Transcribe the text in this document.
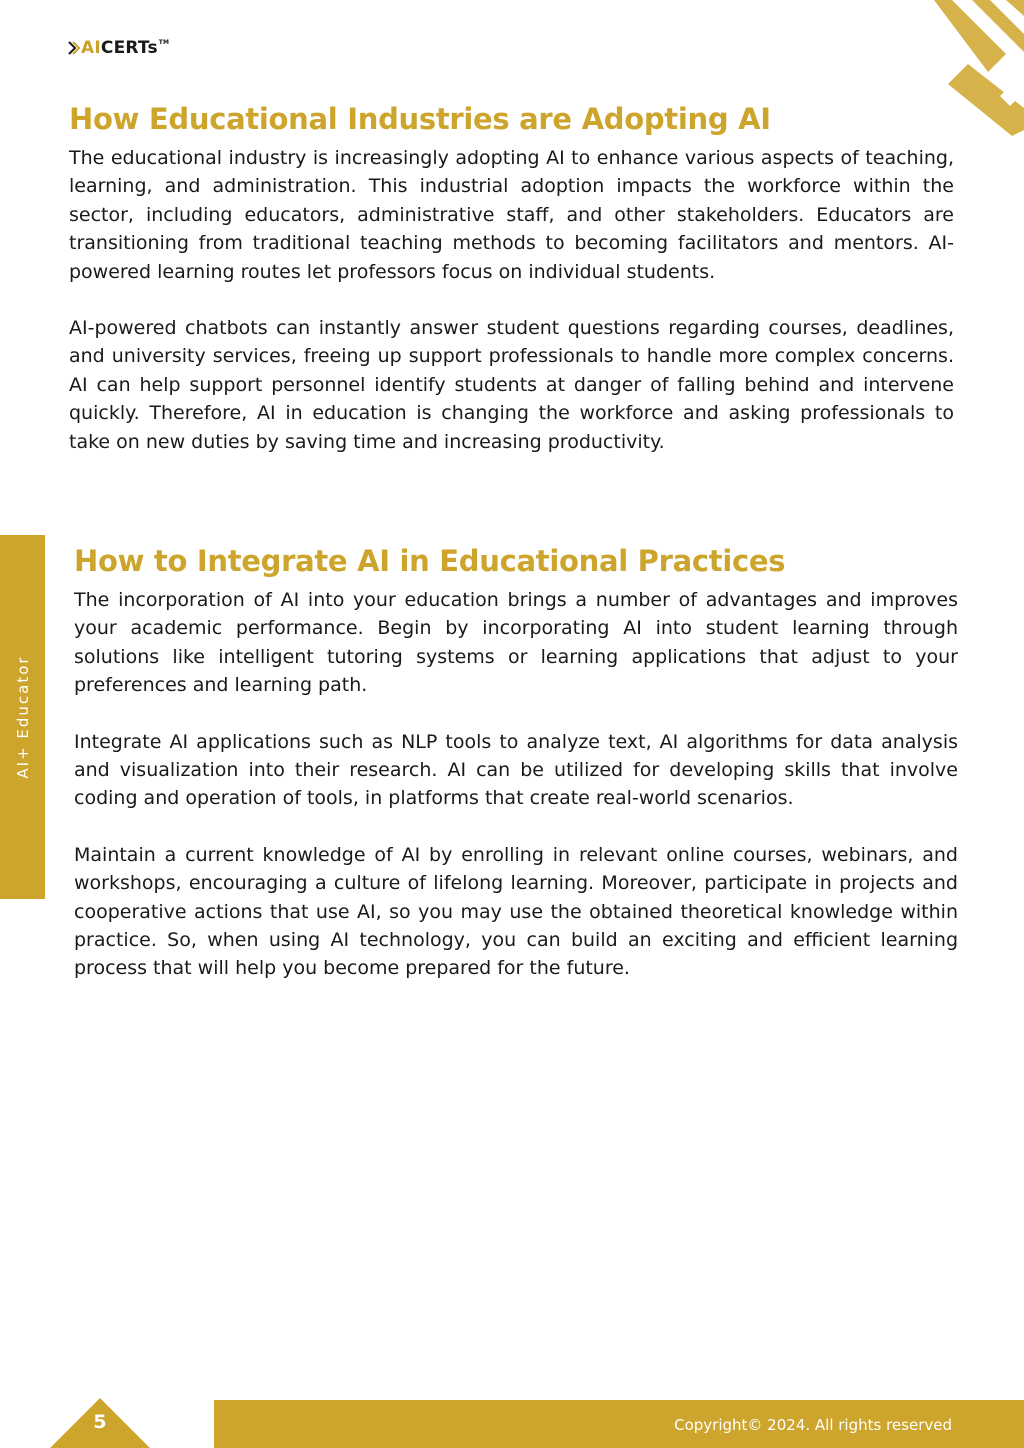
AI CERTs TM
How Educational Industries are Adopting AI

The educational industry is increasingly adopting AI to enhance various aspects of teaching, learning, and administration. This industrial adoption impacts the workforce within the sector, including educators, administrative staff, and other stakeholders. Educators are transitioning from traditional teaching methods to becoming facilitators and mentors. AI-powered learning routes let professors focus on individual students.

AI-powered chatbots can instantly answer student questions regarding courses, deadlines, and university services, freeing up support professionals to handle more complex concerns. AI can help support personnel identify students at danger of falling behind and intervene quickly. Therefore, AI in education is changing the workforce and asking professionals to take on new duties by saving time and increasing productivity.

AI+ Educator
How to Integrate AI in Educational Practices

The incorporation of AI into your education brings a number of advantages and improves your academic performance. Begin by incorporating AI into student learning through solutions like intelligent tutoring systems or learning applications that adjust to your preferences and learning path.

Integrate AI applications such as NLP tools to analyze text, AI algorithms for data analysis and visualization into their research. AI can be utilized for developing skills that involve coding and operation of tools, in platforms that create real-world scenarios.

Maintain a current knowledge of AI by enrolling in relevant online courses, webinars, and workshops, encouraging a culture of lifelong learning. Moreover, participate in projects and cooperative actions that use AI, so you may use the obtained theoretical knowledge within practice. So, when using AI technology, you can build an exciting and efficient learning process that will help you become prepared for the future.

5	Copyright© 2024. All rights reserved
